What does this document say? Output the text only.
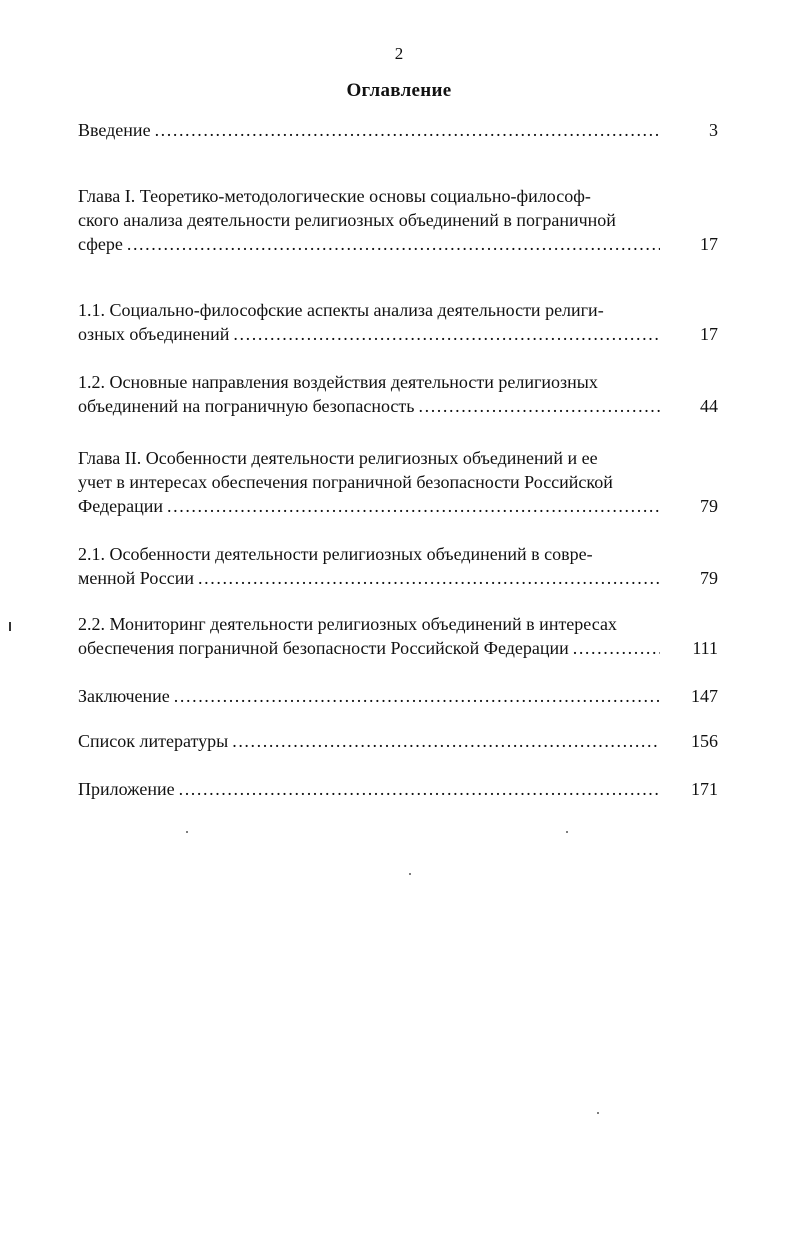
2
Оглавление
Введение .....	3
Глава I. Теоретико-методологические основы социально-философ-
ского анализа деятельности религиозных объединений в пограничной
сфере .....	17
1.1. Социально-философские аспекты анализа деятельности религи-
озных объединений .....	17
1.2. Основные направления воздействия деятельности религиозных
объединений на пограничную безопасность .....	44
Глава II. Особенности деятельности религиозных объединений и ее
учет в интересах обеспечения пограничной безопасности Российской
Федерации .....	79
2.1. Особенности деятельности религиозных объединений в совре-
менной России .....	79
2.2. Мониторинг деятельности религиозных объединений в интересах
обеспечения пограничной безопасности Российской Федерации .....	111
Заключение .....	147
Список литературы .....	156
Приложение .....	171
